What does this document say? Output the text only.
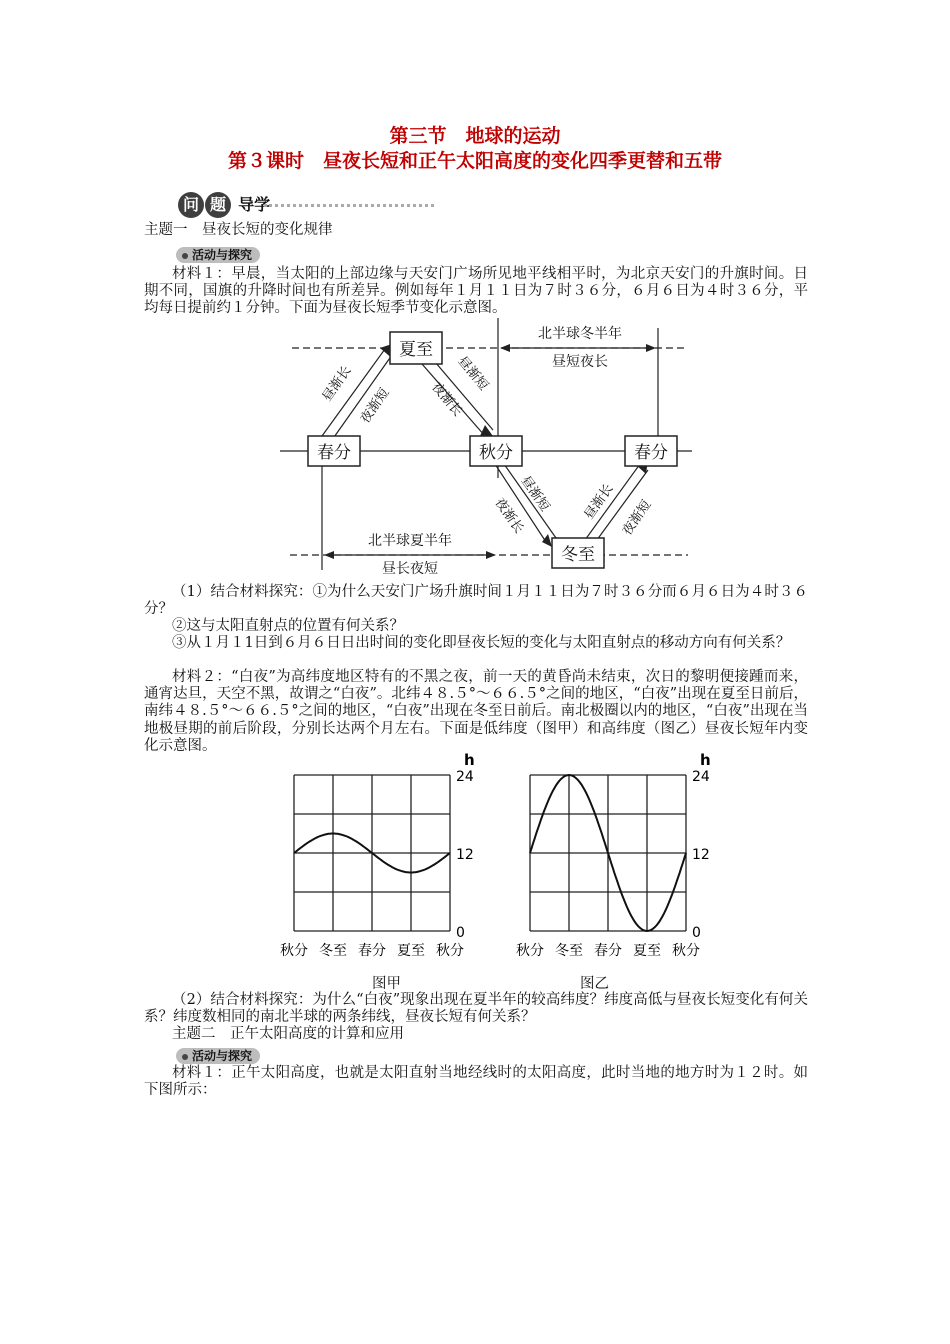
第三节　地球的运动
第３课时　昼夜长短和正午太阳高度的变化四季更替和五带
问 题 导学
主题一　昼夜长短的变化规律
活动与探究
材料１：早晨，当太阳的上部边缘与天安门广场所见地平线相平时，为北京天安门的升旗时间。日期不同，国旗的升降时间也有所差异。例如每年１月１１日为７时３６分，６月６日为４时３６分，平均每日提前约１分钟。下面为昼夜长短季节变化示意图。
夏至
春分	秋分	春分
冬至
北半球冬半年
昼短夜长
北半球夏半年
昼长夜短
昼渐长
夜渐短
昼渐短
夜渐长
昼渐短
夜渐长	昼渐长 夜渐短
（1）结合材料探究：①为什么天安门广场升旗时间１月１１日为７时３６分而６月６日为４时３６分？
②这与太阳直射点的位置有何关系？
③从１月１1日到６月６日日出时间的变化即昼夜长短的变化与太阳直射点的移动方向有何关系？
材料２：“白夜”为高纬度地区特有的不黑之夜，前一天的黄昏尚未结束，次日的黎明便接踵而来，通宵达旦，天空不黑，故谓之“白夜”。北纬４８.５°～６６.５°之间的地区，“白夜”出现在夏至日前后，南纬４８.５°～６６.５°之间的地区，“白夜”出现在冬至日前后。南北极圈以内的地区，“白夜”出现在当地极昼期的前后阶段，分别长达两个月左右。下面是低纬度（图甲）和高纬度（图乙）昼夜长短年内变化示意图。
h
24
12
0
秋分 冬至 春分 夏至 秋分
h
24
12
0
秋分 冬至 春分 夏至 秋分
图甲	图乙
（2）结合材料探究：为什么“白夜”现象出现在夏半年的较高纬度？纬度高低与昼夜长短变化有何关系？纬度数相同的南北半球的两条纬线，昼夜长短有何关系？
主题二　正午太阳高度的计算和应用
活动与探究
材料１：正午太阳高度，也就是太阳直射当地经线时的太阳高度，此时当地的地方时为１２时。如下图所示：
